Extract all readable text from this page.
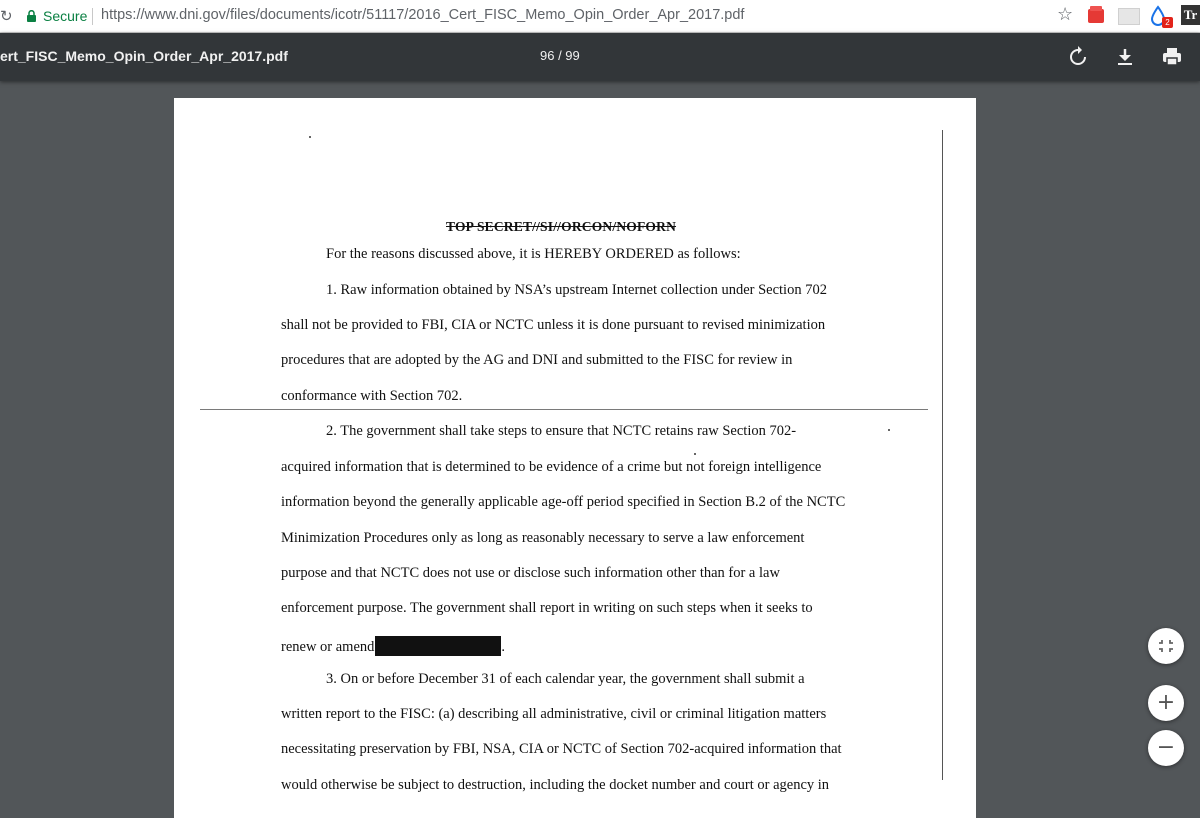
↻ Secure https://www.dni.gov/files/documents/icotr/51117/2016_Cert_FISC_Memo_Opin_Order_Apr_2017.pdf	☆	2
Tr
ert_FISC_Memo_Opin_Order_Apr_2017.pdf	96 / 99
TOP SECRET//SI//ORCON/NOFORN
For the reasons discussed above, it is HEREBY ORDERED as follows:
1. Raw information obtained by NSA’s upstream Internet collection under Section 702
shall not be provided to FBI, CIA or NCTC unless it is done pursuant to revised minimization
procedures that are adopted by the AG and DNI and submitted to the FISC for review in
conformance with Section 702.
2. The government shall take steps to ensure that NCTC retains raw Section 702-
acquired information that is determined to be evidence of a crime but not foreign intelligence
information beyond the generally applicable age-off period specified in Section B.2 of the NCTC
Minimization Procedures only as long as reasonably necessary to serve a law enforcement
purpose and that NCTC does not use or disclose such information other than for a law
enforcement purpose. The government shall report in writing on such steps when it seeks to
renew or amend	.
3. On or before December 31 of each calendar year, the government shall submit a
written report to the FISC: (a) describing all administrative, civil or criminal litigation matters
necessitating preservation by FBI, NSA, CIA or NCTC of Section 702-acquired information that
would otherwise be subject to destruction, including the docket number and court or agency in
+
−
